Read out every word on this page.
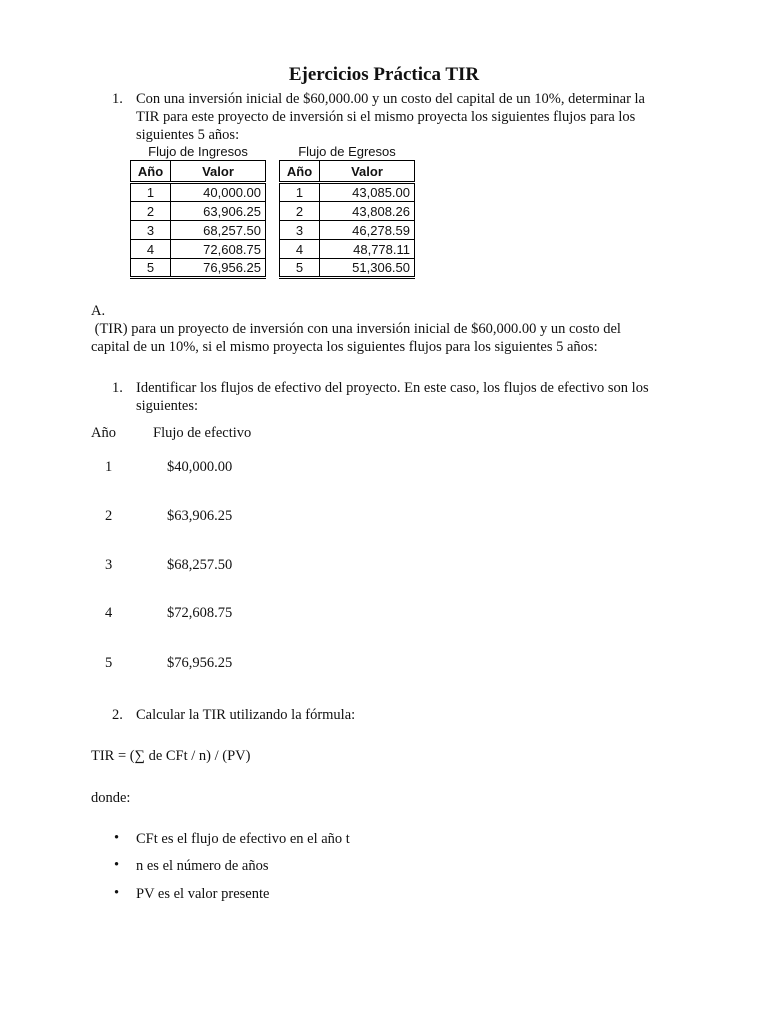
Ejercicios Práctica TIR
1. Con una inversión inicial de $60,000.00 y un costo del capital de un 10%, determinar la
TIR para este proyecto de inversión si el mismo proyecta los siguientes flujos para los
siguientes 5 años:
Flujo de Ingresos
Año	Valor
1	40,000.00
2	63,906.25
3	68,257.50
4	72,608.75
5	76,956.25
Flujo de Egresos
Año	Valor
1	43,085.00
2	43,808.26
3	46,278.59
4	48,778.11
5	51,306.50
A.
(TIR) para un proyecto de inversión con una inversión inicial de $60,000.00 y un costo del
capital de un 10%, si el mismo proyecta los siguientes flujos para los siguientes 5 años:
1. Identificar los flujos de efectivo del proyecto. En este caso, los flujos de efectivo son los
siguientes:
Año	Flujo de efectivo
1	$40,000.00
2	$63,906.25
3	$68,257.50
4	$72,608.75
5	$76,956.25
2. Calcular la TIR utilizando la fórmula:
TIR = (∑ de CFt / n) / (PV)
donde:
• CFt es el flujo de efectivo en el año t
• n es el número de años
• PV es el valor presente
